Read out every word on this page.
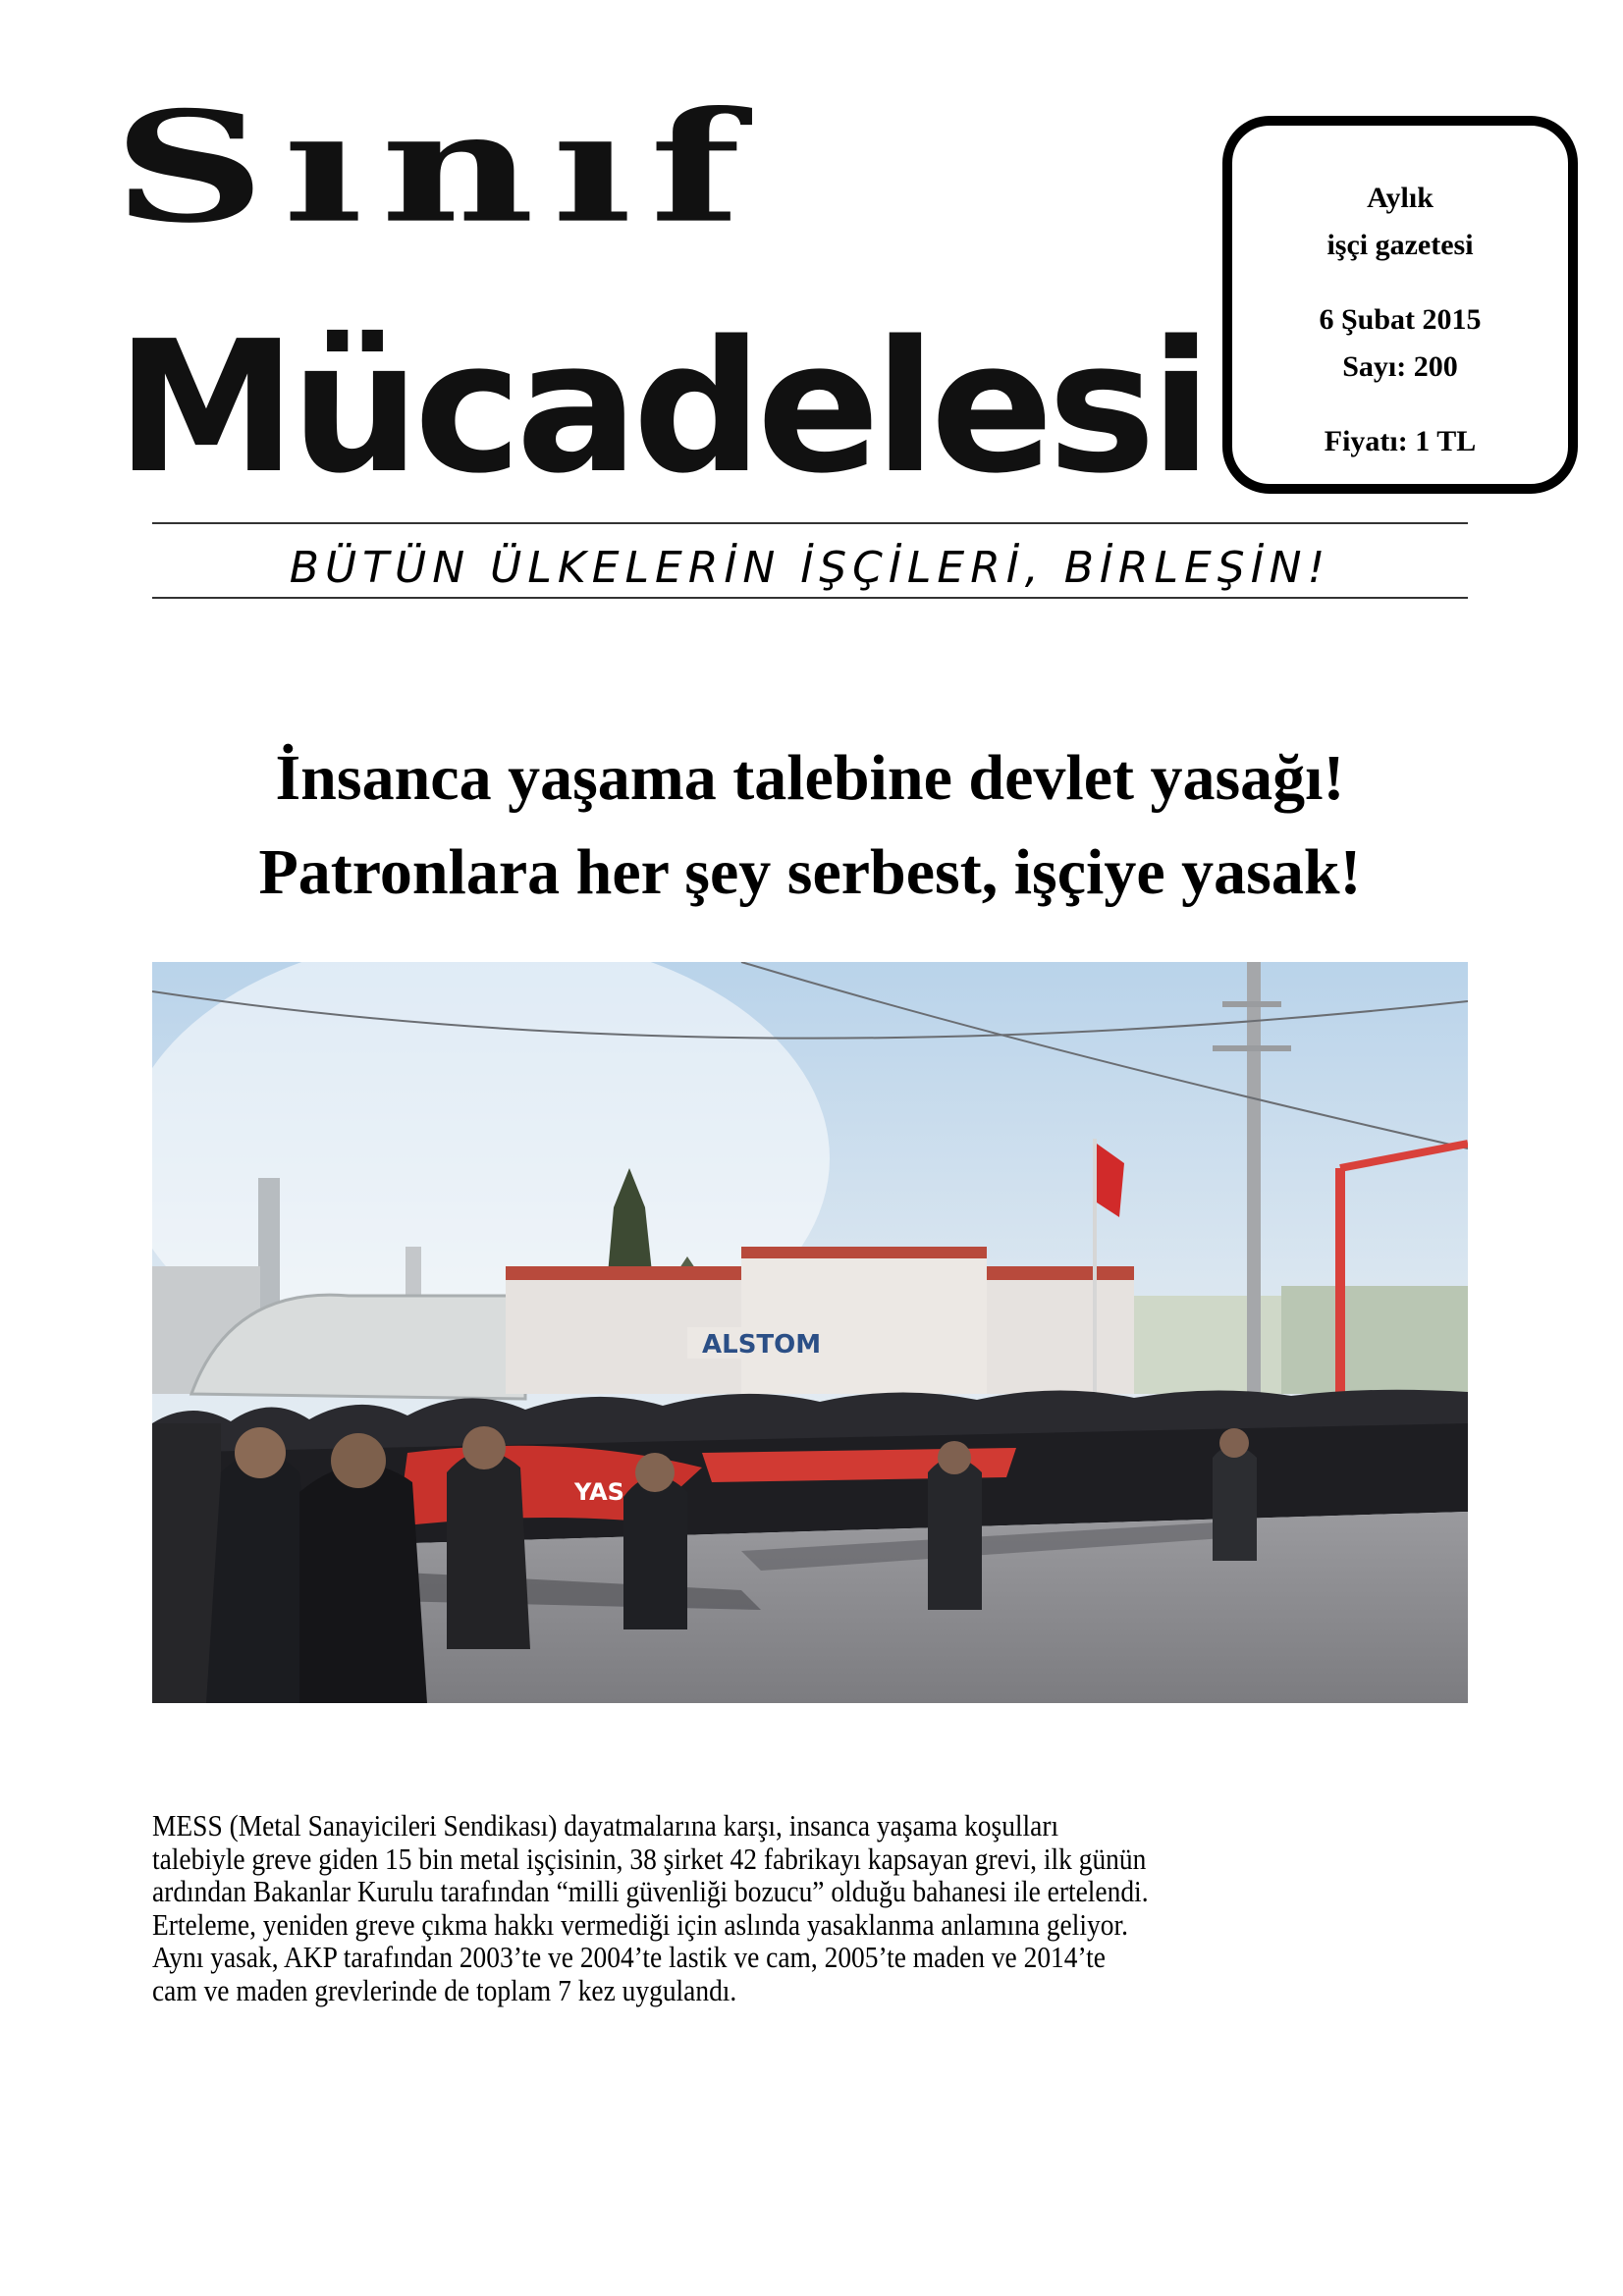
Sınıf
Mücadelesi
Aylık
işçi gazetesi
6 Şubat 2015
Sayı: 200
Fiyatı: 1 TL
BÜTÜN ÜLKELERİN İŞÇİLERİ, BİRLEŞİN!
İnsanca yaşama talebine devlet yasağı!
Patronlara her şey serbest, işçiye yasak!
ALSTOM
YAS
MESS (Metal Sanayicileri Sendikası) dayatmalarına karşı, insanca yaşama koşulları
talebiyle greve giden 15 bin metal işçisinin, 38 şirket 42 fabrikayı kapsayan grevi, ilk günün
ardından Bakanlar Kurulu tarafından “milli güvenliği bozucu” olduğu bahanesi ile ertelendi.
Erteleme, yeniden greve çıkma hakkı vermediği için aslında yasaklanma anlamına geliyor.
Aynı yasak, AKP tarafından 2003’te ve 2004’te lastik ve cam, 2005’te maden ve 2014’te
cam ve maden grevlerinde de toplam 7 kez uygulandı.
